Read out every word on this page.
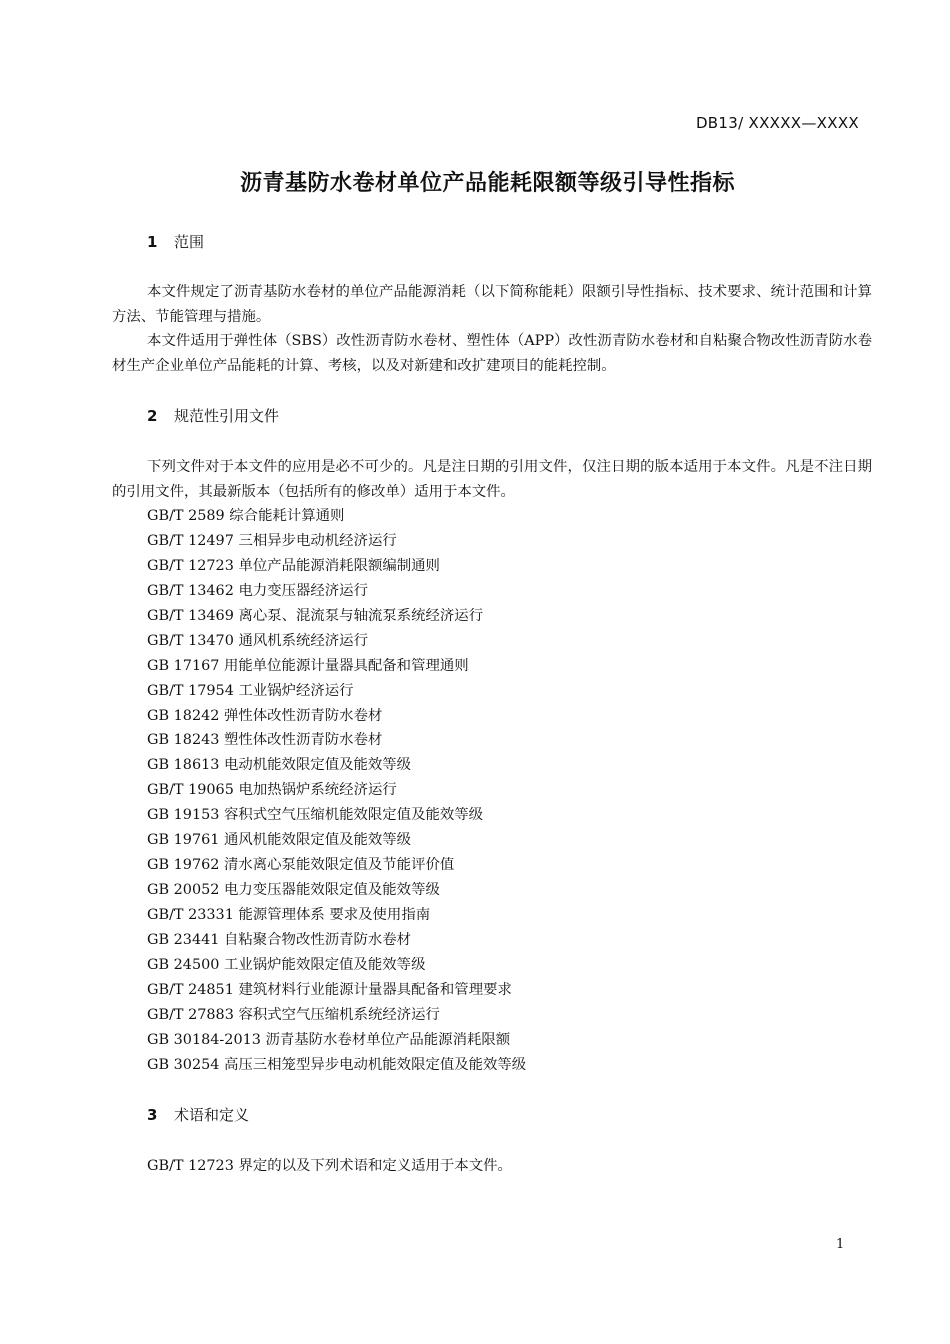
DB13/ XXXXX—XXXX
沥青基防水卷材单位产品能耗限额等级引导性指标
1 范围
本文件规定了沥青基防水卷材的单位产品能源消耗（以下简称能耗）限额引导性指标、技术要求、统计范围和计算方法、节能管理与措施。
本文件适用于弹性体（SBS）改性沥青防水卷材、塑性体（APP）改性沥青防水卷材和自粘聚合物改性沥青防水卷材生产企业单位产品能耗的计算、考核，以及对新建和改扩建项目的能耗控制。
2 规范性引用文件
下列文件对于本文件的应用是必不可少的。凡是注日期的引用文件，仅注日期的版本适用于本文件。凡是不注日期的引用文件，其最新版本（包括所有的修改单）适用于本文件。
GB/T 2589 综合能耗计算通则
GB/T 12497 三相异步电动机经济运行
GB/T 12723 单位产品能源消耗限额编制通则
GB/T 13462 电力变压器经济运行
GB/T 13469 离心泵、混流泵与轴流泵系统经济运行
GB/T 13470 通风机系统经济运行
GB 17167 用能单位能源计量器具配备和管理通则
GB/T 17954 工业锅炉经济运行
GB 18242 弹性体改性沥青防水卷材
GB 18243 塑性体改性沥青防水卷材
GB 18613 电动机能效限定值及能效等级
GB/T 19065 电加热锅炉系统经济运行
GB 19153 容积式空气压缩机能效限定值及能效等级
GB 19761 通风机能效限定值及能效等级
GB 19762 清水离心泵能效限定值及节能评价值
GB 20052 电力变压器能效限定值及能效等级
GB/T 23331 能源管理体系 要求及使用指南
GB 23441 自粘聚合物改性沥青防水卷材
GB 24500 工业锅炉能效限定值及能效等级
GB/T 24851 建筑材料行业能源计量器具配备和管理要求
GB/T 27883 容积式空气压缩机系统经济运行
GB 30184-2013 沥青基防水卷材单位产品能源消耗限额
GB 30254 高压三相笼型异步电动机能效限定值及能效等级
3 术语和定义
GB/T 12723 界定的以及下列术语和定义适用于本文件。
1
